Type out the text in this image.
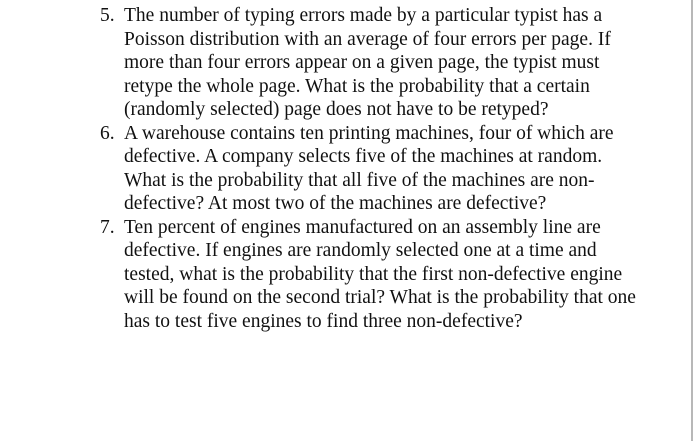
5. The number of typing errors made by a particular typist has a Poisson distribution with an average of four errors per page. If more than four errors appear on a given page, the typist must retype the whole page. What is the probability that a certain (randomly selected) page does not have to be retyped?
6. A warehouse contains ten printing machines, four of which are defective. A company selects five of the machines at random. What is the probability that all five of the machines are non-defective? At most two of the machines are defective?
7. Ten percent of engines manufactured on an assembly line are defective. If engines are randomly selected one at a time and tested, what is the probability that the first non-defective engine will be found on the second trial? What is the probability that one has to test five engines to find three non-defective?
